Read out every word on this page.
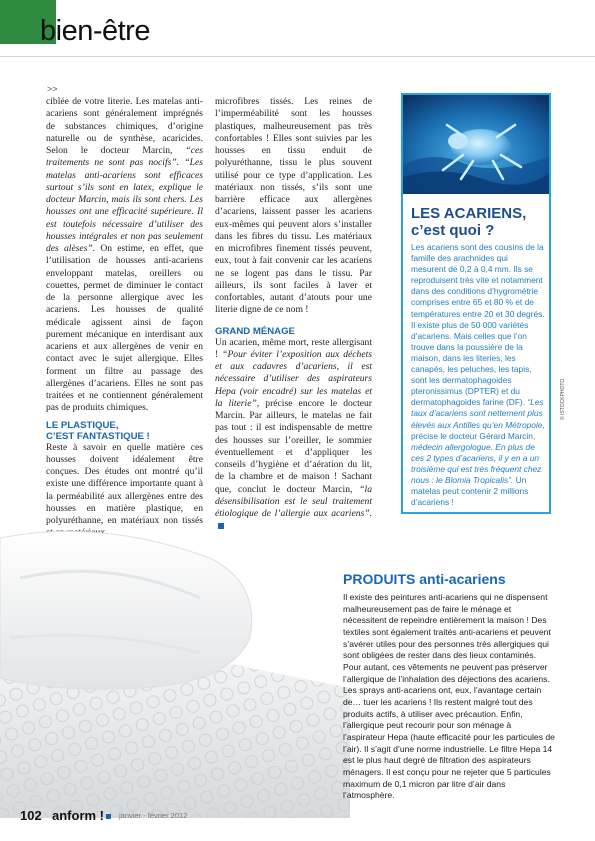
bien-être
>>

ciblée de votre literie. Les matelas anti-acariens sont généralement imprégnés de substances chimiques, d’origine naturelle ou de synthèse, acaricides. Selon le docteur Marcin, “ces traitements ne sont pas nocifs”. “Les matelas anti-acariens sont efficaces surtout s’ils sont en latex, explique le docteur Marcin, mais ils sont chers. Les housses ont une efficacité supérieure. Il est toutefois nécessaire d’utiliser des housses intégrales et non pas seulement des alèses”. On estime, en effet, que l’utilisation de housses anti-acariens enveloppant matelas, oreillers ou couettes, permet de diminuer le contact de la personne allergique avec les acariens. Les housses de qualité médicale agissent ainsi de façon purement mécanique en interdisant aux acariens et aux allergènes de venir en contact avec le sujet allergique. Elles forment un filtre au passage des allergènes d’acariens. Elles ne sont pas traitées et ne contiennent généralement pas de produits chimiques.

LE PLASTIQUE,
C’EST FANTASTIQUE !

Reste à savoir en quelle matière ces housses doivent idéalement être conçues. Des études ont montré qu’il existe une différence importante quant à la perméabilité aux allergènes entre des housses en matière plastique, en polyuréthanne, en matériaux non tissés

microfibres tissés. Les reines de l’imperméabilité sont les housses plastiques, malheureusement pas très confortables ! Elles sont suivies par les housses en tissu enduit de polyuréthanne, tissu le plus souvent utilisé pour ce type d’application. Les matériaux non tissés, s’ils sont une barrière efficace aux allergènes d’acariens, laissent passer les acariens eux-mêmes qui peuvent alors s’installer dans les fibres du tissu. Les matériaux en microfibres finement tissés peuvent, eux, tout à fait convenir car les acariens ne se logent pas dans le tissu. Par ailleurs, ils sont faciles à laver et confortables, autant d’atouts pour une literie digne de ce nom !

GRAND MÉNAGE

Un acarien, même mort, reste allergisant ! “Pour éviter l’exposition aux déchets et aux cadavres d’acariens, il est nécessaire d’utiliser des aspirateurs Hepa (voir encadré) sur les matelas et la literie”, précise encore le docteur Marcin. Par ailleurs, le matelas ne fait pas tout : il est indispensable de mettre des housses sur l’oreiller, le sommier éventuellement et d’appliquer les conseils d’hygiène et d’aération du lit, de la chambre et de maison ! Sachant que, conclut le docteur Marcin, “la désensibilisation est le seul traitement étiologique de l’allergie aux acariens”.

© ISTOCKPHOTO
LES ACARIENS,
c’est quoi ?
Les acariens sont des cousins de la famille des arachnides qui mesurent de 0,2 à 0,4 mm. Ils se reproduisent très vite et notamment dans des conditions d’hygrométrie comprises entre 65 et 80 % et de températures entre 20 et 30 degrés. Il existe plus de 50 000 variétés d’acariens. Mais celles que l’on trouve dans la poussière de la maison, dans les literies, les canapés, les peluches, les tapis, sont les dermatophagoides pteronissimus (DPTER) et du dermatophagoides farine (DF). “Les taux d’acariens sont nettement plus élevés aux Antilles qu’en Métropole, précise le docteur Gérard Marcin, médecin allergologue. En plus de ces 2 types d’acariens, il y en a un troisième qui est très fréquent chez nous : le Blomia Tropicalis”. Un matelas peut contenir 2 millions d’acariens !
PRODUITS anti-acariens
Il existe des peintures anti-acariens qui ne dispensent malheureusement pas de faire le ménage et nécessitent de repeindre entièrement la maison ! Des textiles sont également traités anti-acariens et peuvent s’avérer utiles pour des personnes très allergiques qui sont obligées de rester dans des lieux contaminés. Pour autant, ces vêtements ne peuvent pas préserver l’allergique de l’inhalation des déjections des acariens. Les sprays anti-acariens ont, eux, l’avantage certain de… tuer les acariens ! Ils restent malgré tout des produits actifs, à utiliser avec précaution. Enfin, l’allergique peut recourir pour son ménage à l’aspirateur Hepa (haute efficacité pour les particules de l’air). Il s’agit d’une norme industrielle. Le filtre Hepa 14 est le plus haut degré de filtration des aspirateurs ménagers. Il est conçu pour ne rejeter que 5 particules maximum de 0,1 micron par litre d’air dans l’atmosphère.
102 anform !	janvier - février 2012
